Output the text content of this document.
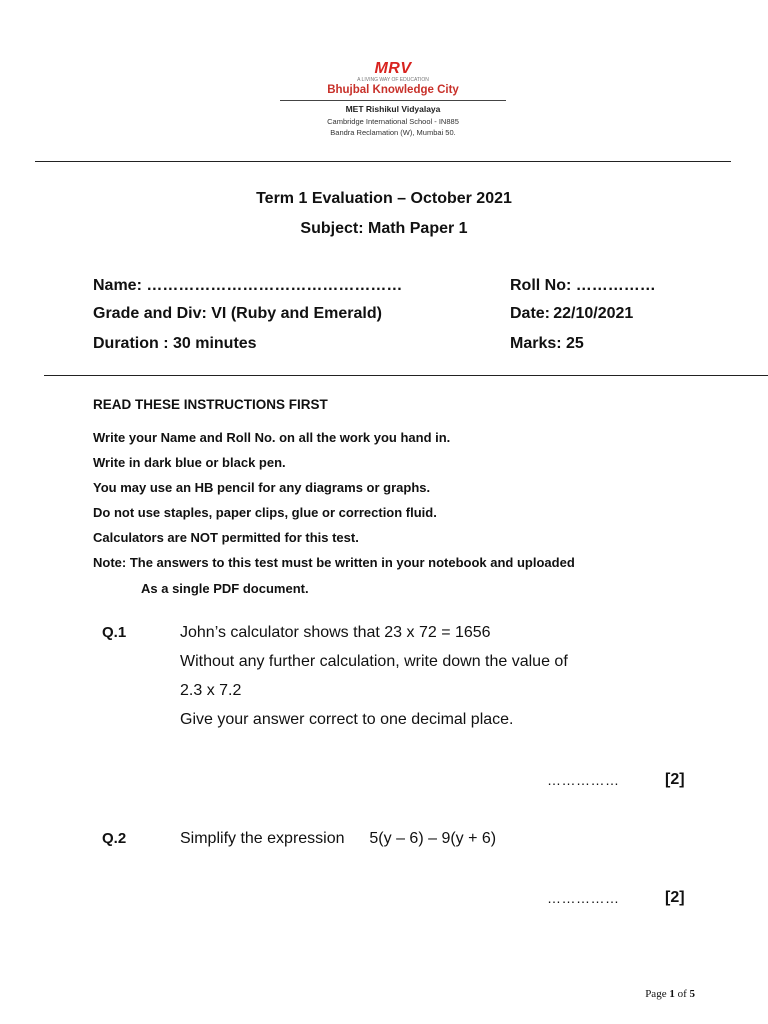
MRV
A LIVING WAY OF EDUCATION
Bhujbal Knowledge City
MET Rishikul Vidyalaya
Cambridge International School - IN885
Bandra Reclamation (W), Mumbai 50.
Term 1 Evaluation – October 2021
Subject: Math Paper 1
Name: …………………………………………	Roll No: ……………
Grade and Div: VI (Ruby and Emerald)	Date: 22/10/2021
Duration : 30 minutes	Marks: 25
READ THESE INSTRUCTIONS FIRST
Write your Name and Roll No. on all the work you hand in.
Write in dark blue or black pen.
You may use an HB pencil for any diagrams or graphs.
Do not use staples, paper clips, glue or correction fluid.
Calculators are NOT permitted for this test.
Note: The answers to this test must be written in your notebook and uploaded
As a single PDF document.
Q.1	John’s calculator shows that 23 x 72 = 1656
Without any further calculation, write down the value of
2.3 x 7.2
Give your answer correct to one decimal place.
……………	[2]
Q.2	Simplify the expression   5(y – 6) – 9(y + 6)
……………	[2]
Page 1 of 5
